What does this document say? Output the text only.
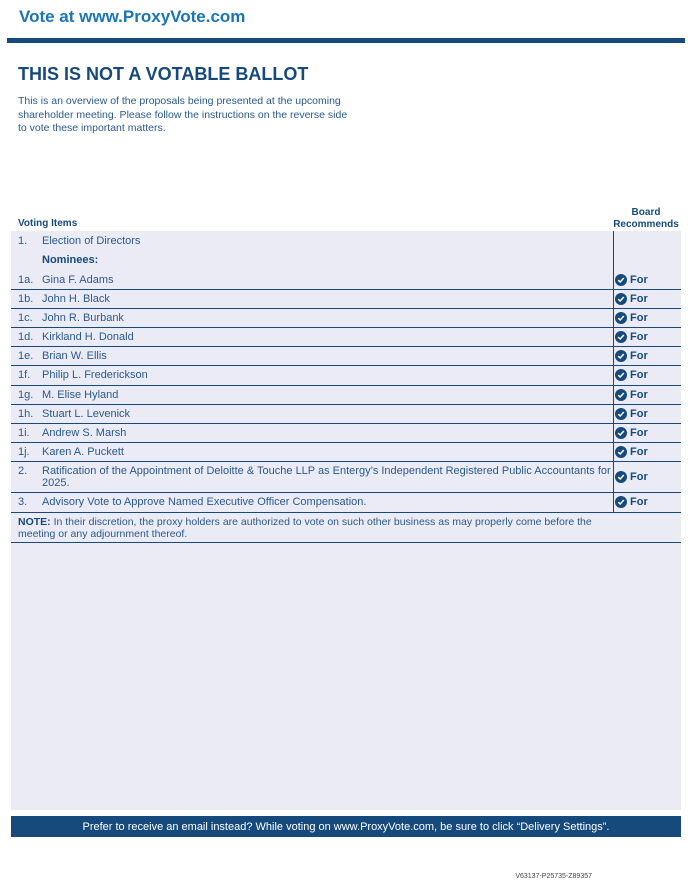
Vote at www.ProxyVote.com
THIS IS NOT A VOTABLE BALLOT
This is an overview of the proposals being presented at the upcoming shareholder meeting. Please follow the instructions on the reverse side to vote these important matters.
Voting Items
Board
Recommends
1. Election of Directors
Nominees:
1a. Gina F. Adams	For
1b. John H. Black	For
1c. John R. Burbank	For
1d. Kirkland H. Donald	For
1e. Brian W. Ellis	For
1f. Philip L. Frederickson	For
1g. M. Elise Hyland	For
1h. Stuart L. Levenick	For
1i. Andrew S. Marsh	For
1j. Karen A. Puckett	For
2. Ratification of the Appointment of Deloitte & Touche LLP as Entergy’s Independent Registered Public Accountants for 2025.	For
3. Advisory Vote to Approve Named Executive Officer Compensation.	For
NOTE: In their discretion, the proxy holders are authorized to vote on such other business as may properly come before the meeting or any adjournment thereof.
Prefer to receive an email instead? While voting on www.ProxyVote.com, be sure to click “Delivery Settings”.
V63137-P25735-Z89357
